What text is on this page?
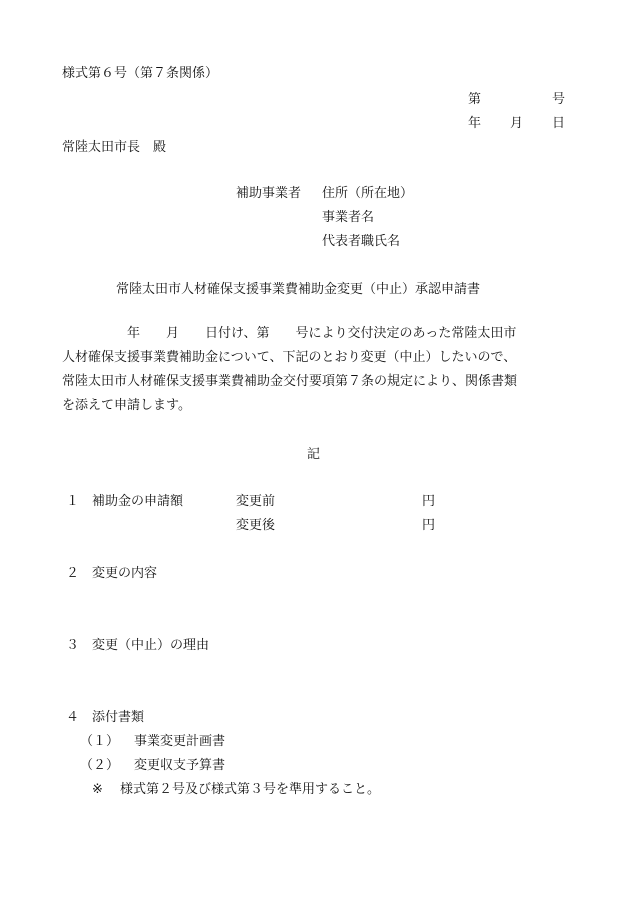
様式第６号（第７条関係）
第	号
年 月 日
常陸太田市長　殿
補助事業者 住所（所在地）
事業者名
代表者職氏名
常陸太田市人材確保支援事業費補助金変更（中止）承認申請書
　　　　　年　　月　　日付け、第　　号により交付決定のあった常陸太田市
人材確保支援事業費補助金について、下記のとおり変更（中止）したいので、
常陸太田市人材確保支援事業費補助金交付要項第７条の規定により、関係書類
を添えて申請します。
記
１ 補助金の申請額	変更前	円
変更後	円
２ 変更の内容
３ 変更（中止）の理由
４ 添付書類
（１） 事業変更計画書
（２） 変更収支予算書
※ 様式第２号及び様式第３号を準用すること。
